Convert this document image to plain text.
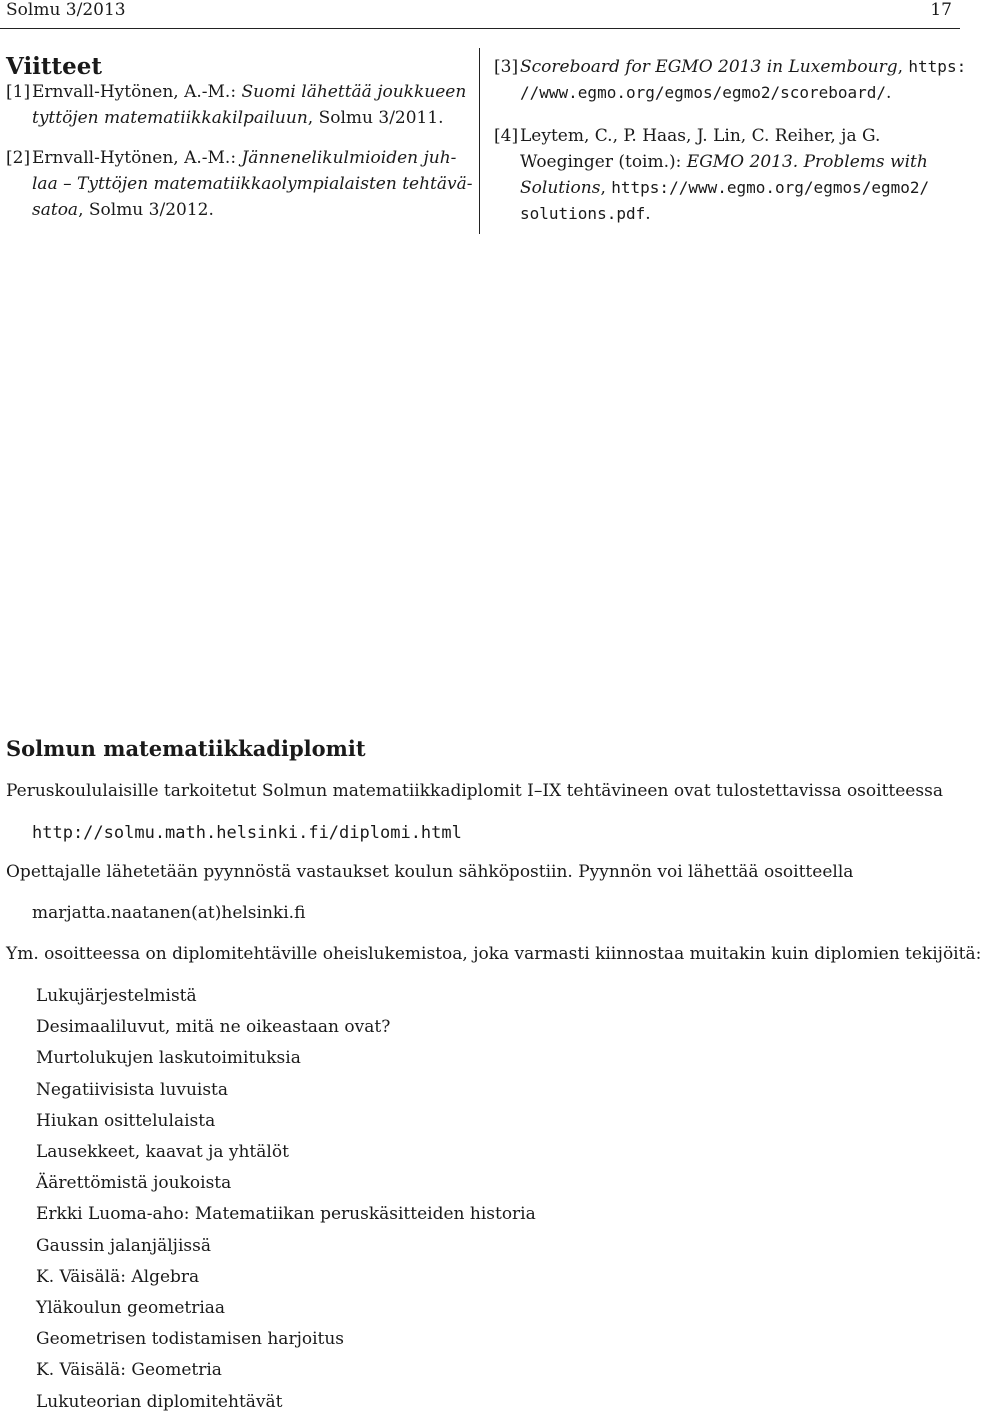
Solmu 3/2013	17
Viitteet
[1] Ernvall-Hytönen, A.-M.: Suomi lähettää joukkueen
tyttöjen matematiikkakilpailuun, Solmu 3/2011.
[2] Ernvall-Hytönen, A.-M.: Jännenelikulmioiden juh-
laa – Tyttöjen matematiikkaolympialaisten tehtävä-
satoa, Solmu 3/2012.
[3] Scoreboard for EGMO 2013 in Luxembourg, https:
//www.egmo.org/egmos/egmo2/scoreboard/.
[4] Leytem, C., P. Haas, J. Lin, C. Reiher, ja G.
Woeginger (toim.): EGMO 2013. Problems with
Solutions, https://www.egmo.org/egmos/egmo2/
solutions.pdf.
Solmun matematiikkadiplomit
Peruskoululaisille tarkoitetut Solmun matematiikkadiplomit I–IX tehtävineen ovat tulostettavissa osoitteessa
http://solmu.math.helsinki.fi/diplomi.html
Opettajalle lähetetään pyynnöstä vastaukset koulun sähköpostiin. Pyynnön voi lähettää osoitteella
marjatta.naatanen(at)helsinki.fi
Ym. osoitteessa on diplomitehtäville oheislukemistoa, joka varmasti kiinnostaa muitakin kuin diplomien tekijöitä:
Lukujärjestelmistä
Desimaaliluvut, mitä ne oikeastaan ovat?
Murtolukujen laskutoimituksia
Negatiivisista luvuista
Hiukan osittelulaista
Lausekkeet, kaavat ja yhtälöt
Äärettömistä joukoista
Erkki Luoma-aho: Matematiikan peruskäsitteiden historia
Gaussin jalanjäljissä
K. Väisälä: Algebra
Yläkoulun geometriaa
Geometrisen todistamisen harjoitus
K. Väisälä: Geometria
Lukuteorian diplomitehtävät
